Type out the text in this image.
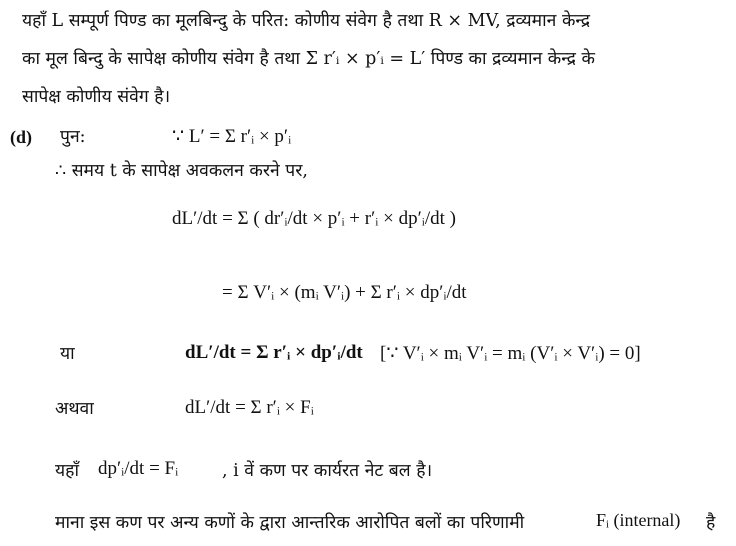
यहाँ L सम्पूर्ण पिण्ड का मूलबिन्दु के परित: कोणीय संवेग है तथा R × MV, द्रव्यमान केन्द्र
का मूल बिन्दु के सापेक्ष कोणीय संवेग है तथा Σ r′ᵢ × p′ᵢ = L′ पिण्ड का द्रव्यमान केन्द्र के
सापेक्ष कोणीय संवेग है।
(d) पुन:	∵ L′ = Σ r′ᵢ × p′ᵢ
∴ समय t के सापेक्ष अवकलन करने पर,
dL′/dt = Σ ( dr′ᵢ/dt × p′ᵢ + r′ᵢ × dp′ᵢ/dt )
= Σ V′ᵢ × (mᵢ V′ᵢ) + Σ r′ᵢ × dp′ᵢ/dt
या	dL′/dt = Σ r′ᵢ × dp′ᵢ/dt [∵ V′ᵢ × mᵢ V′ᵢ = mᵢ (V′ᵢ × V′ᵢ) = 0]
अथवा	dL′/dt = Σ r′ᵢ × Fᵢ
यहाँ dp′ᵢ/dt = Fᵢ	, i वें कण पर कार्यरत नेट बल है।
माना इस कण पर अन्य कणों के द्वारा आन्तरिक आरोपित बलों का परिणामी	Fᵢ (internal) है
